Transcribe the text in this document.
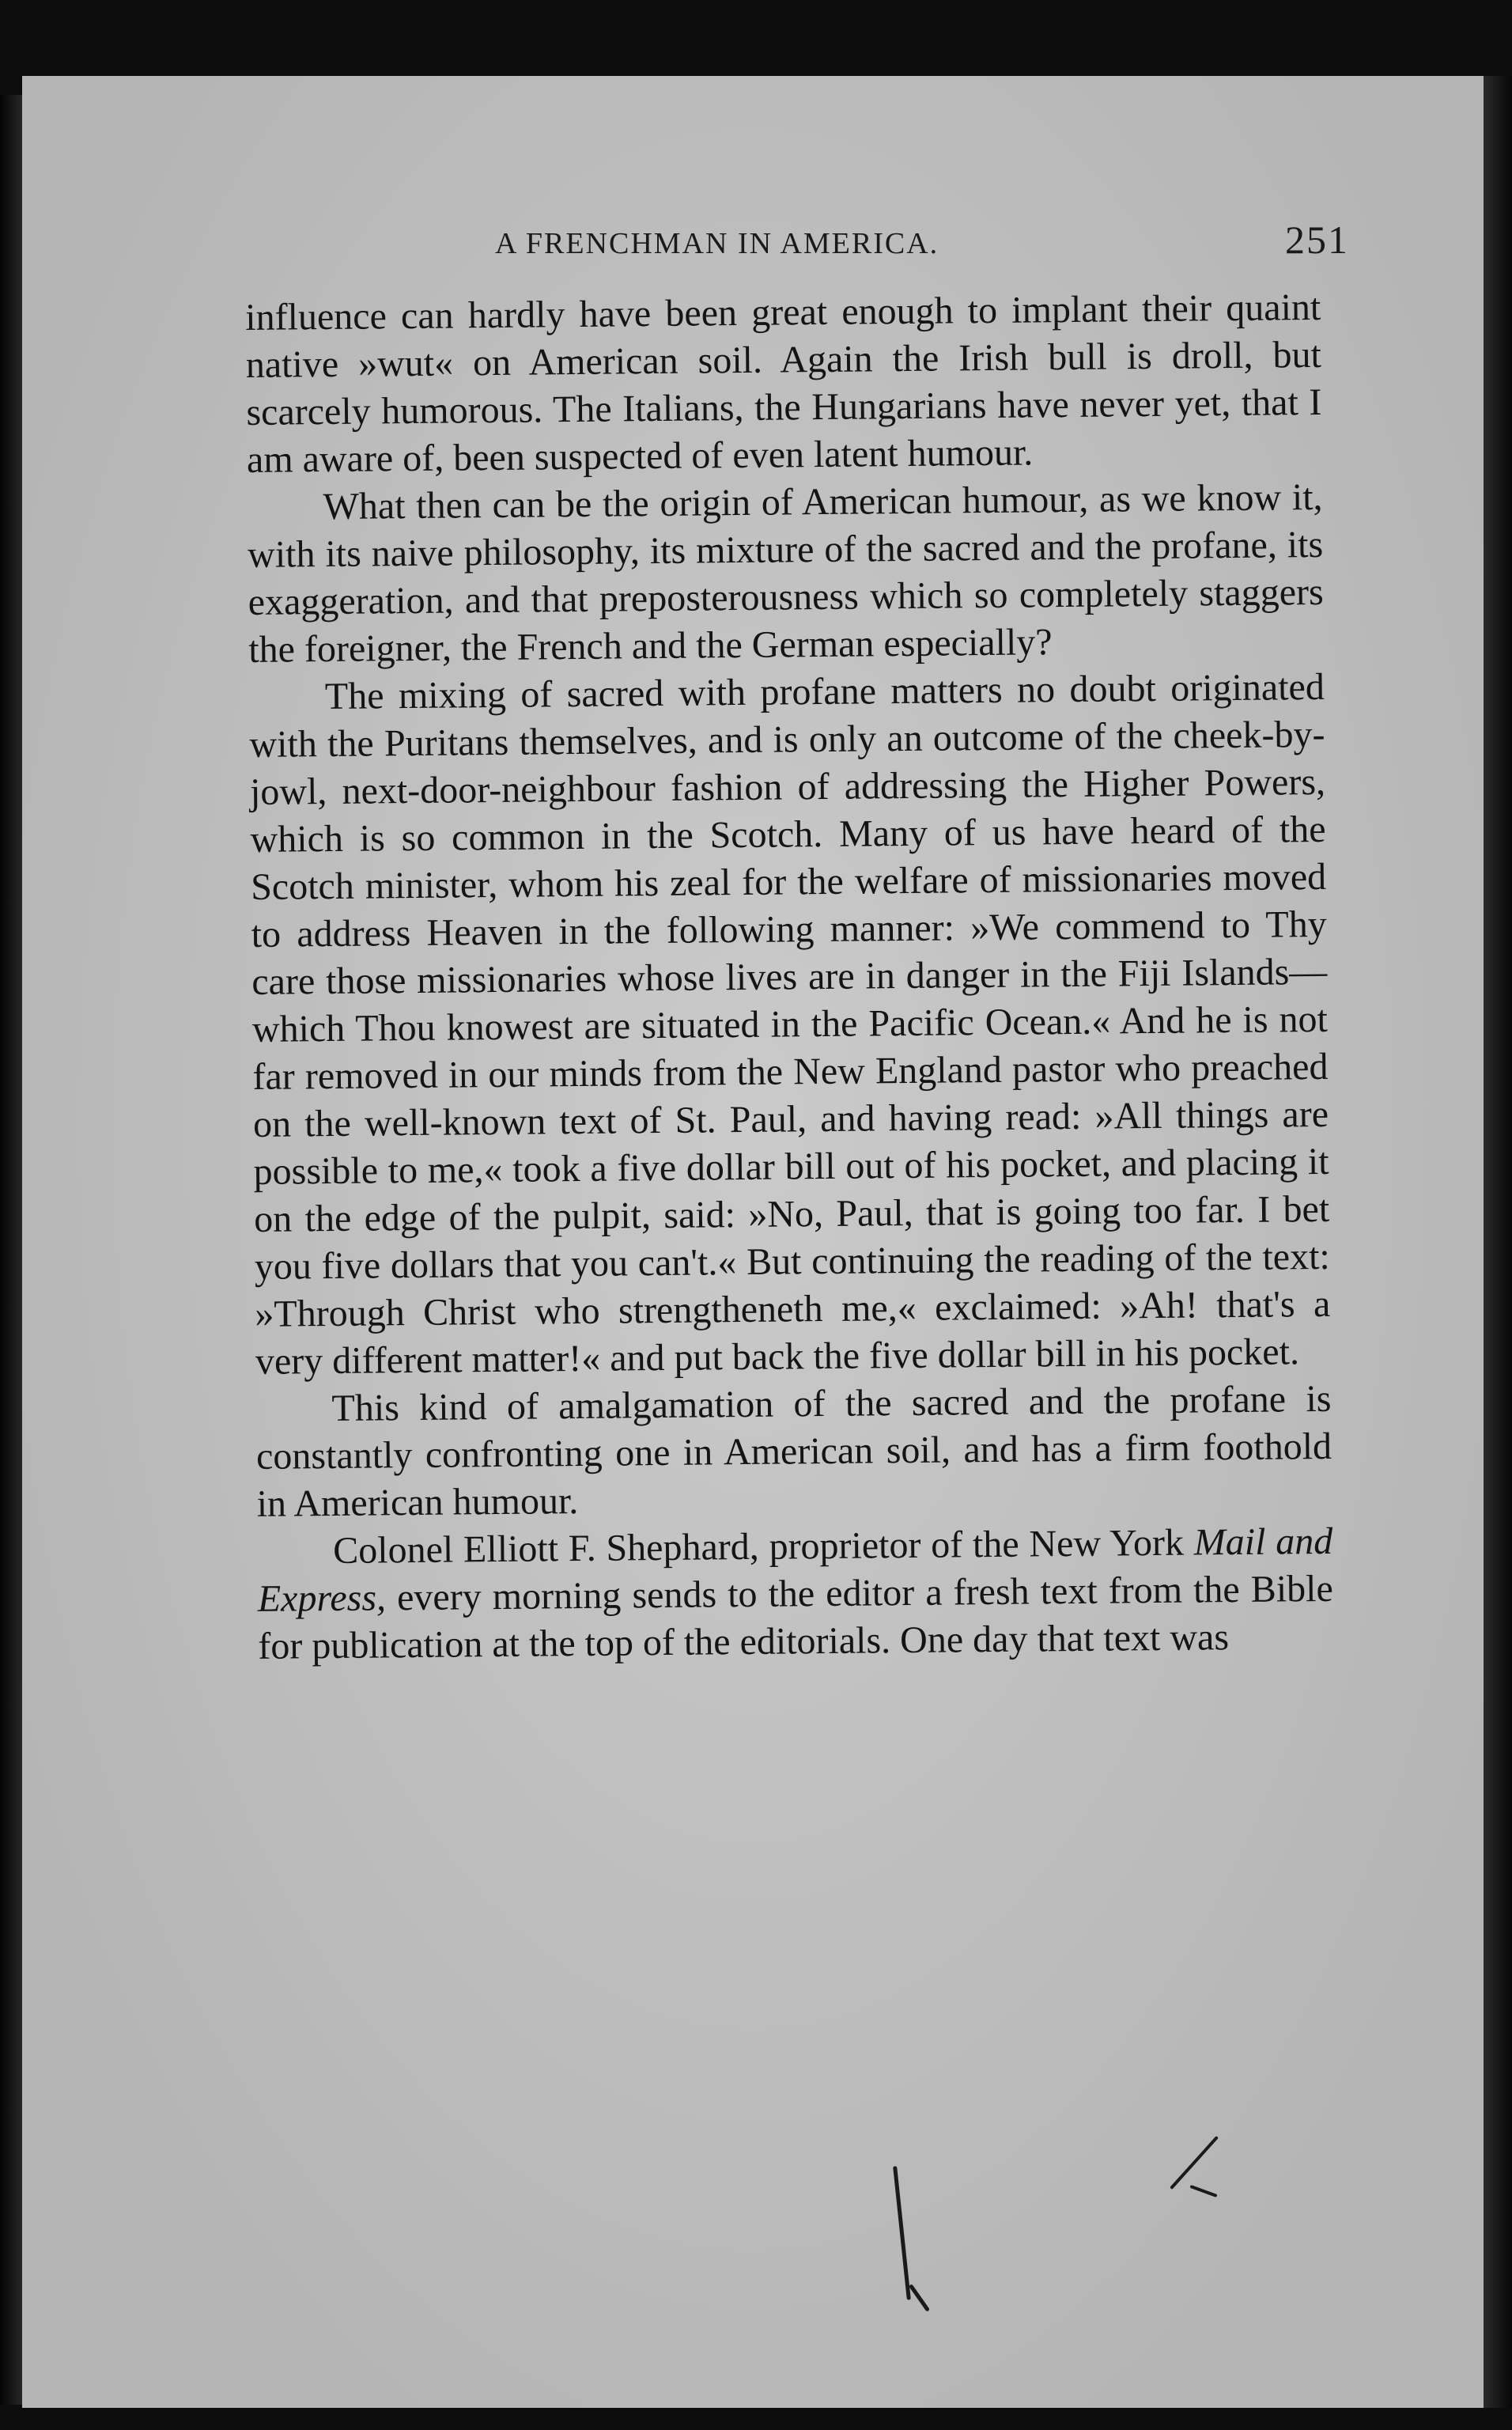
A FRENCHMAN IN AMERICA.	251

influence can hardly have been great enough to implant their quaint native »wut« on American soil. Again the Irish bull is droll, but scarcely humorous. The Italians, the Hungarians have never yet, that I am aware of, been suspected of even latent humour.

What then can be the origin of American humour, as we know it, with its naive philosophy, its mixture of the sacred and the profane, its exaggeration, and that preposterousness which so completely staggers the foreigner, the French and the German especially?

The mixing of sacred with profane matters no doubt originated with the Puritans themselves, and is only an outcome of the cheek-by-jowl, next-door-neighbour fashion of addressing the Higher Powers, which is so common in the Scotch. Many of us have heard of the Scotch minister, whom his zeal for the welfare of missionaries moved to address Heaven in the following manner: »We commend to Thy care those missionaries whose lives are in danger in the Fiji Islands— which Thou knowest are situated in the Pacific Ocean.« And he is not far removed in our minds from the New England pastor who preached on the well-known text of St. Paul, and having read: »All things are possible to me,« took a five dollar bill out of his pocket, and placing it on the edge of the pulpit, said: »No, Paul, that is going too far. I bet you five dollars that you can't.« But continuing the reading of the text: »Through Christ who strengtheneth me,« exclaimed: »Ah! that's a very different matter!« and put back the five dollar bill in his pocket.

This kind of amalgamation of the sacred and the profane is constantly confronting one in American soil, and has a firm foothold in American humour.

Colonel Elliott F. Shephard, proprietor of the New York Mail and Express, every morning sends to the editor a fresh text from the Bible for publication at the top of the editorials. One day that text was
